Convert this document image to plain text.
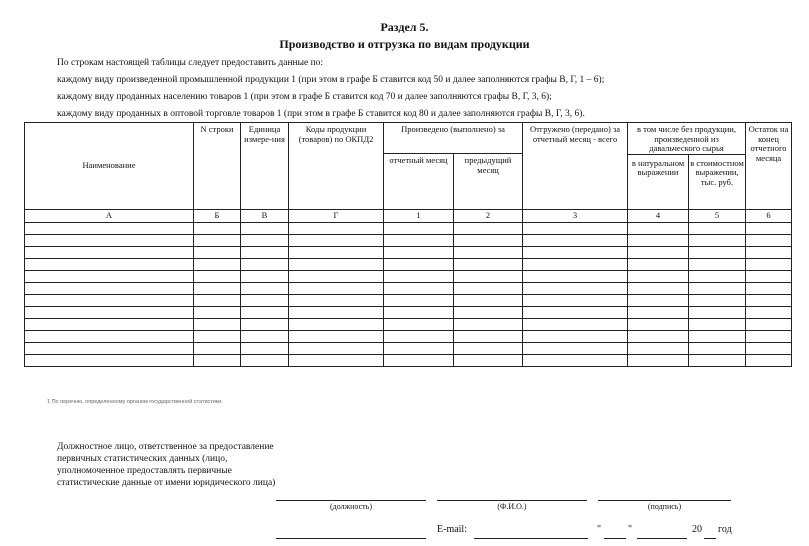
Раздел 5.
Производство и отгрузка по видам продукции
По строкам настоящей таблицы следует предоставить данные по:
каждому виду произведенной промышленной продукции 1 (при этом в графе Б ставится код 50 и далее заполняются графы В, Г, 1 – 6);
каждому виду проданных населению товаров 1 (при этом в графе Б ставится код 70 и далее заполняются графы В, Г, 3, 6);
каждому виду проданных в оптовой торговле товаров 1 (при этом в графе Б ставится код 80 и далее заполняются графы В, Г, 3, 6).
Наименование	N строки	Единица измере-ния	Коды продукции (товаров) по ОКПД2	Произведено (выполнено) за		Отгружено (передано) за отчетный месяц - всего	в том числе без продукции, произведенной из давальческого сырья		Остаток на конец отчетного месяца
				отчетный месяц	предыдущий месяц				
							в натуральном выражении	в стоимостном выражении, тыс. руб.	
А	Б	В	Г	1	2	3	4	5	6

1 По перечню, определенному органом государственной статистики.
Должностное лицо, ответственное за предоставление первичных статистических данных (лицо, уполномоченное предоставлять первичные статистические данные от имени юридического лица)
(должность)	(Ф.И.О.)	(подпись)
E-mail:	"	"	20 год
